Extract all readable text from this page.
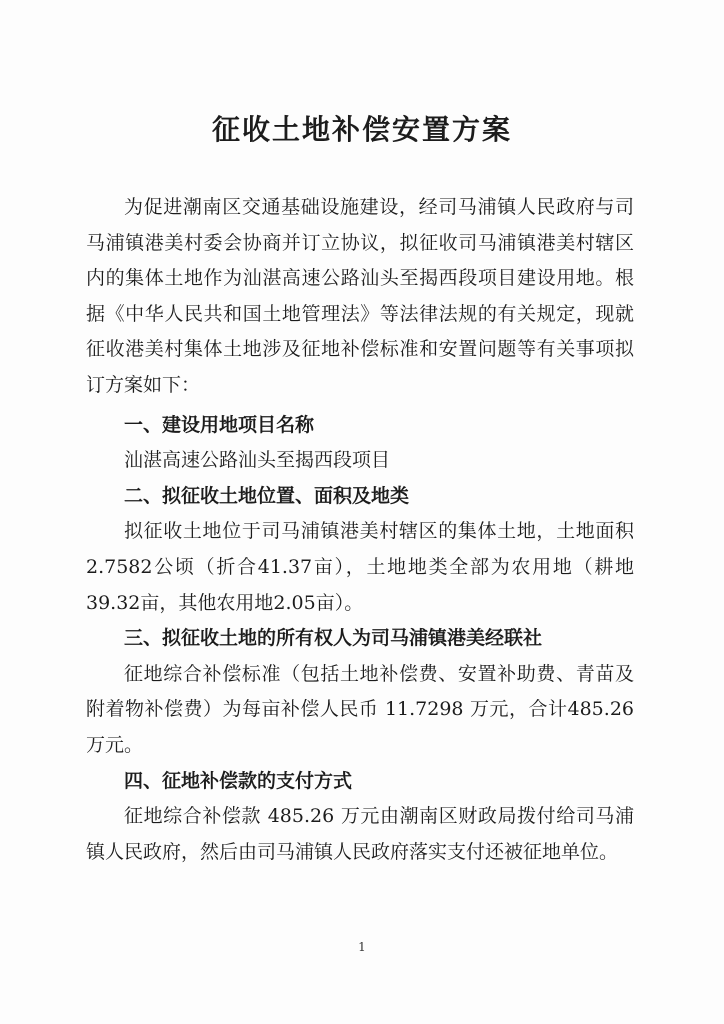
征收土地补偿安置方案

为促进潮南区交通基础设施建设，经司马浦镇人民政府与司马浦镇港美村委会协商并订立协议，拟征收司马浦镇港美村辖区内的集体土地作为汕湛高速公路汕头至揭西段项目建设用地。根据《中华人民共和国土地管理法》等法律法规的有关规定，现就征收港美村集体土地涉及征地补偿标准和安置问题等有关事项拟订方案如下：

一、建设用地项目名称

汕湛高速公路汕头至揭西段项目

二、拟征收土地位置、面积及地类

拟征收土地位于司马浦镇港美村辖区的集体土地，土地面积2.7582公顷（折合41.37亩），土地地类全部为农用地（耕地39.32亩，其他农用地2.05亩）。

三、拟征收土地的所有权人为司马浦镇港美经联社

征地综合补偿标准（包括土地补偿费、安置补助费、青苗及附着物补偿费）为每亩补偿人民币 11.7298 万元，合计485.26万元。

四、征地补偿款的支付方式

征地综合补偿款 485.26 万元由潮南区财政局拨付给司马浦镇人民政府，然后由司马浦镇人民政府落实支付还被征地单位。

1
